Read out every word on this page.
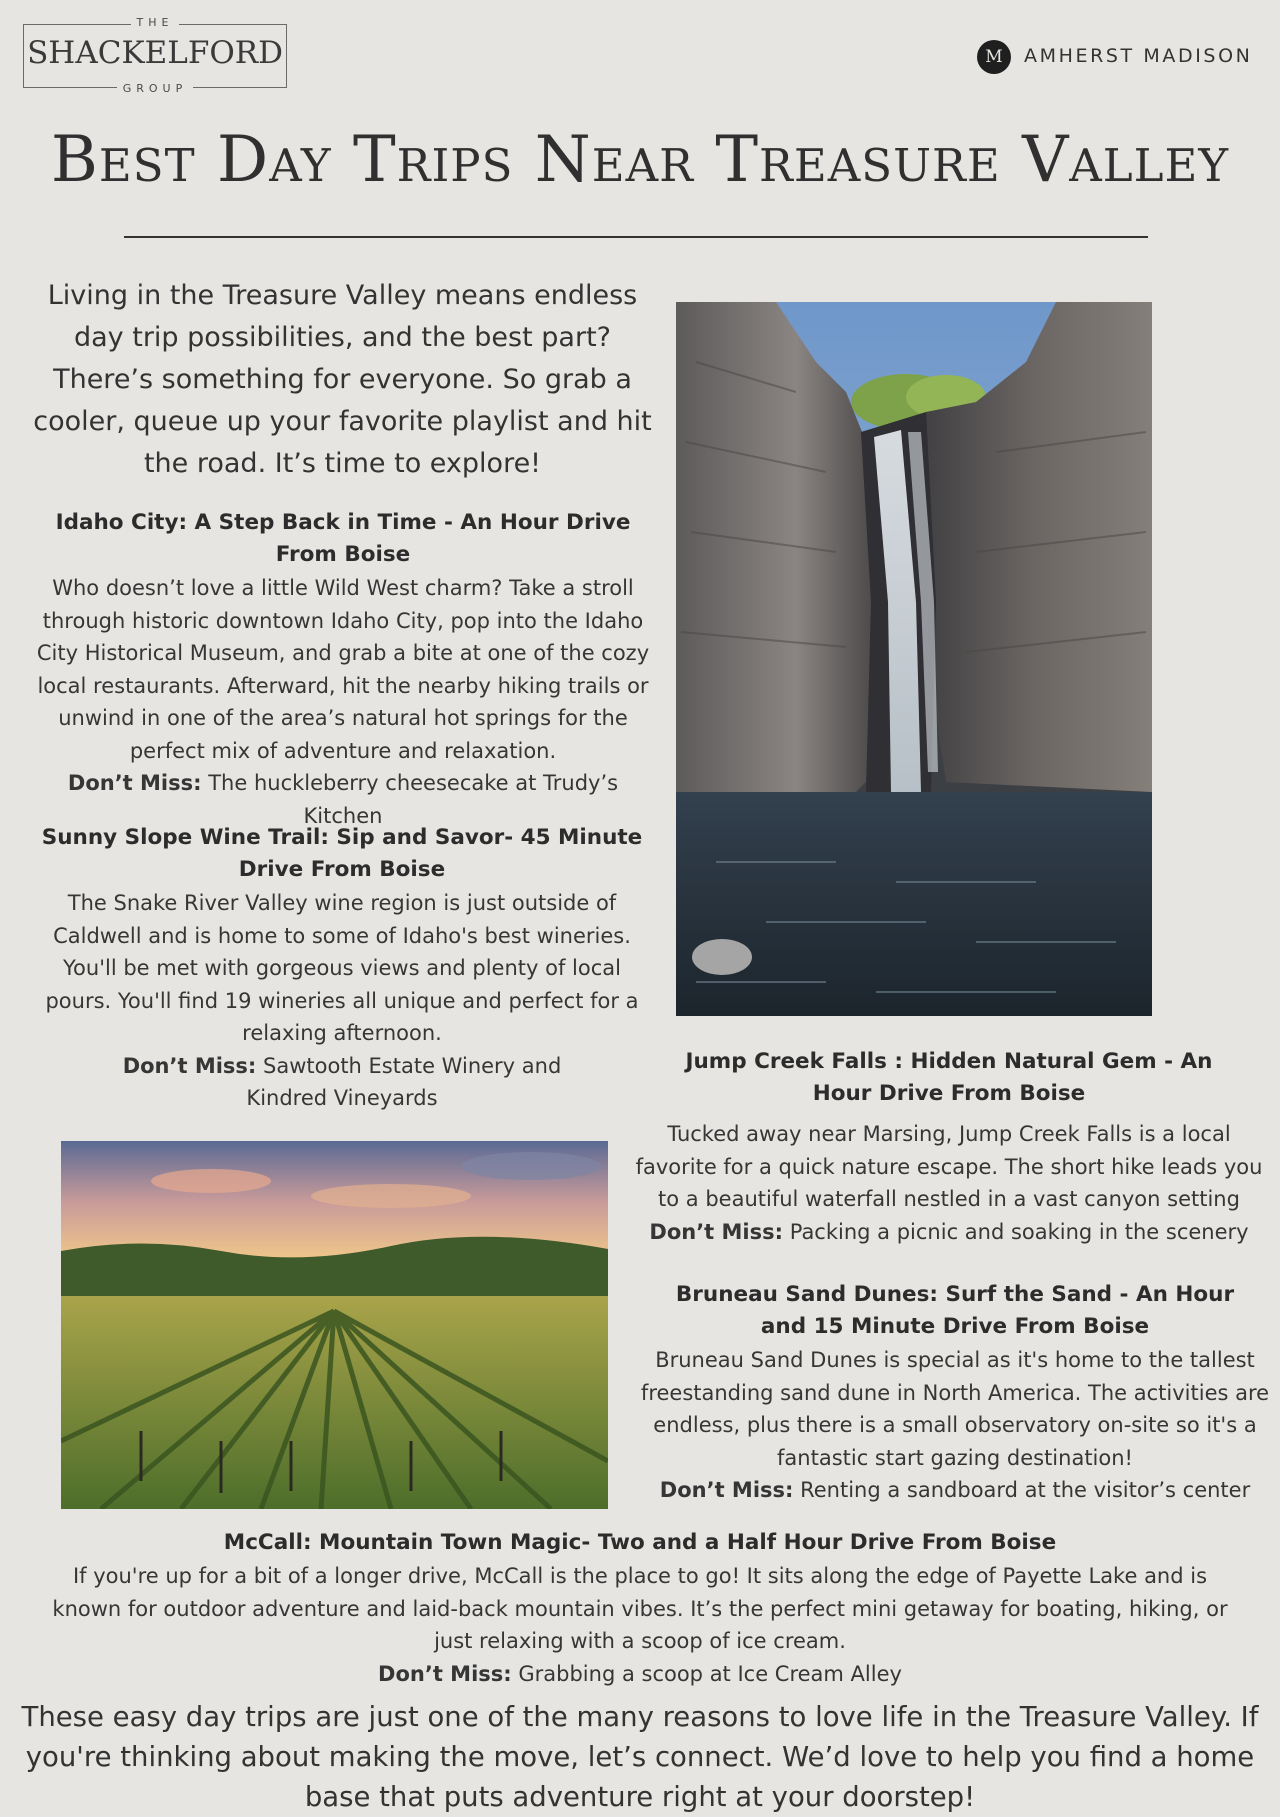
THE
SHACKELFORD
GROUP
M	AMHERST MADISON
Best Day Trips Near Treasure Valley
Living in the Treasure Valley means endless day trip possibilities, and the best part? There’s something for everyone. So grab a cooler, queue up your favorite playlist and hit the road. It’s time to explore!
Idaho City: A Step Back in Time - An Hour Drive From Boise
Who doesn’t love a little Wild West charm? Take a stroll through historic downtown Idaho City, pop into the Idaho City Historical Museum, and grab a bite at one of the cozy local restaurants. Afterward, hit the nearby hiking trails or unwind in one of the area’s natural hot springs for the perfect mix of adventure and relaxation.
Don’t Miss: The huckleberry cheesecake at Trudy’s Kitchen
Sunny Slope Wine Trail: Sip and Savor- 45 Minute Drive From Boise
The Snake River Valley wine region is just outside of Caldwell and is home to some of Idaho's best wineries. You'll be met with gorgeous views and plenty of local pours. You'll find 19 wineries all unique and perfect for a relaxing afternoon.
Don’t Miss: Sawtooth Estate Winery and Kindred Vineyards
Jump Creek Falls : Hidden Natural Gem - An Hour Drive From Boise
Tucked away near Marsing, Jump Creek Falls is a local favorite for a quick nature escape. The short hike leads you to a beautiful waterfall nestled in a vast canyon setting
Don’t Miss: Packing a picnic and soaking in the scenery
Bruneau Sand Dunes: Surf the Sand - An Hour and 15 Minute Drive From Boise
Bruneau Sand Dunes is special as it's home to the tallest freestanding sand dune in North America. The activities are endless, plus there is a small observatory on-site so it's a fantastic start gazing destination!
Don’t Miss: Renting a sandboard at the visitor’s center
McCall: Mountain Town Magic- Two and a Half Hour Drive From Boise
If you're up for a bit of a longer drive, McCall is the place to go! It sits along the edge of Payette Lake and is known for outdoor adventure and laid-back mountain vibes. It’s the perfect mini getaway for boating, hiking, or just relaxing with a scoop of ice cream.
Don’t Miss: Grabbing a scoop at Ice Cream Alley
These easy day trips are just one of the many reasons to love life in the Treasure Valley. If you're thinking about making the move, let’s connect. We’d love to help you find a home base that puts adventure right at your doorstep!
